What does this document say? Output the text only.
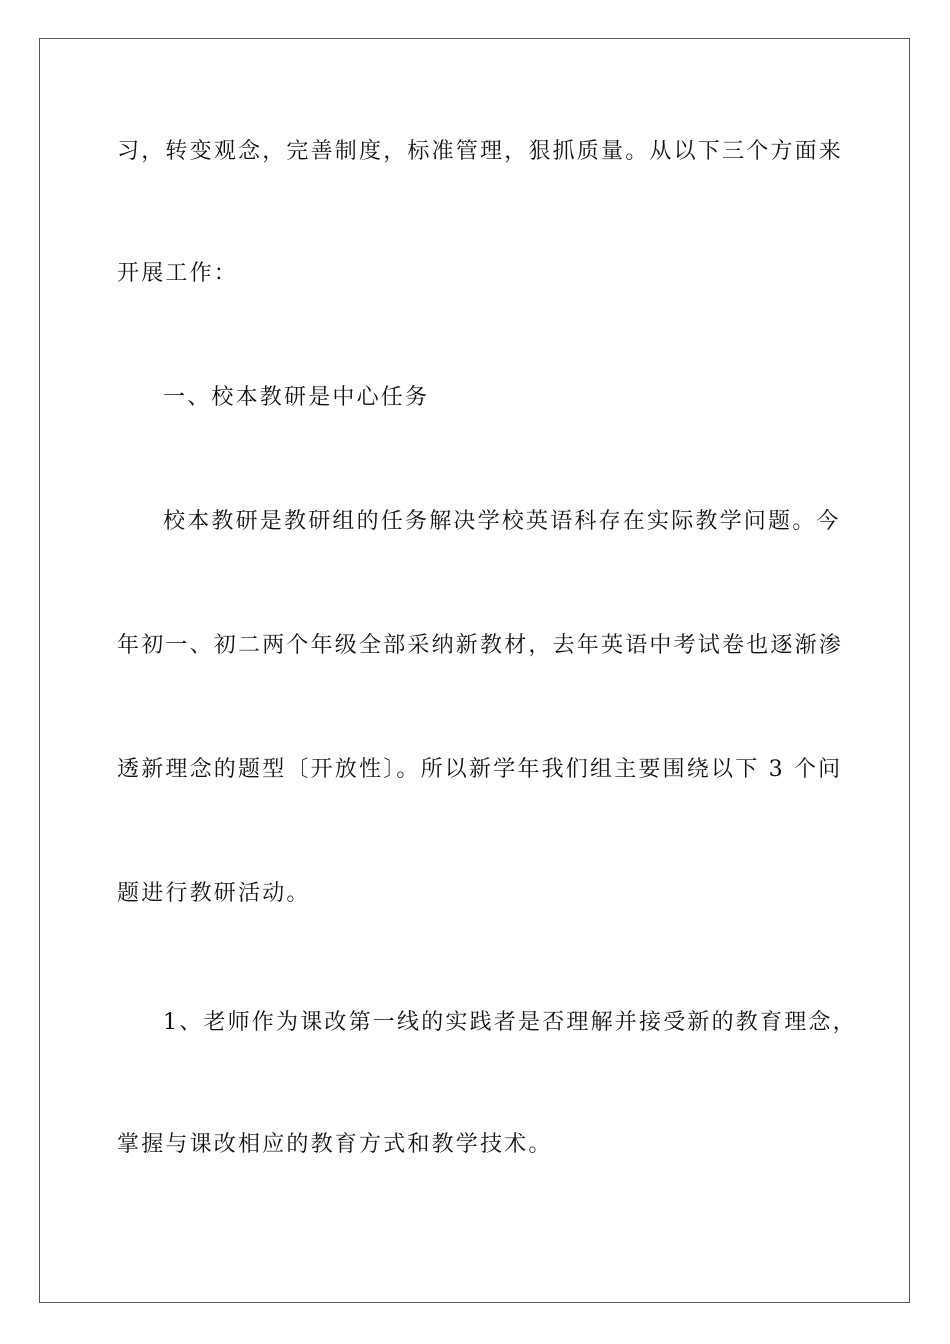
习，转变观念，完善制度，标准管理，狠抓质量。从以下三个方面来
开展工作：
一、校本教研是中心任务
校本教研是教研组的任务解决学校英语科存在实际教学问题。今
年初一、初二两个年级全部采纳新教材，去年英语中考试卷也逐渐渗
透新理念的题型〔开放性〕。所以新学年我们组主要围绕以下 3 个问
题进行教研活动。
1、老师作为课改第一线的实践者是否理解并接受新的教育理念，
掌握与课改相应的教育方式和教学技术。
